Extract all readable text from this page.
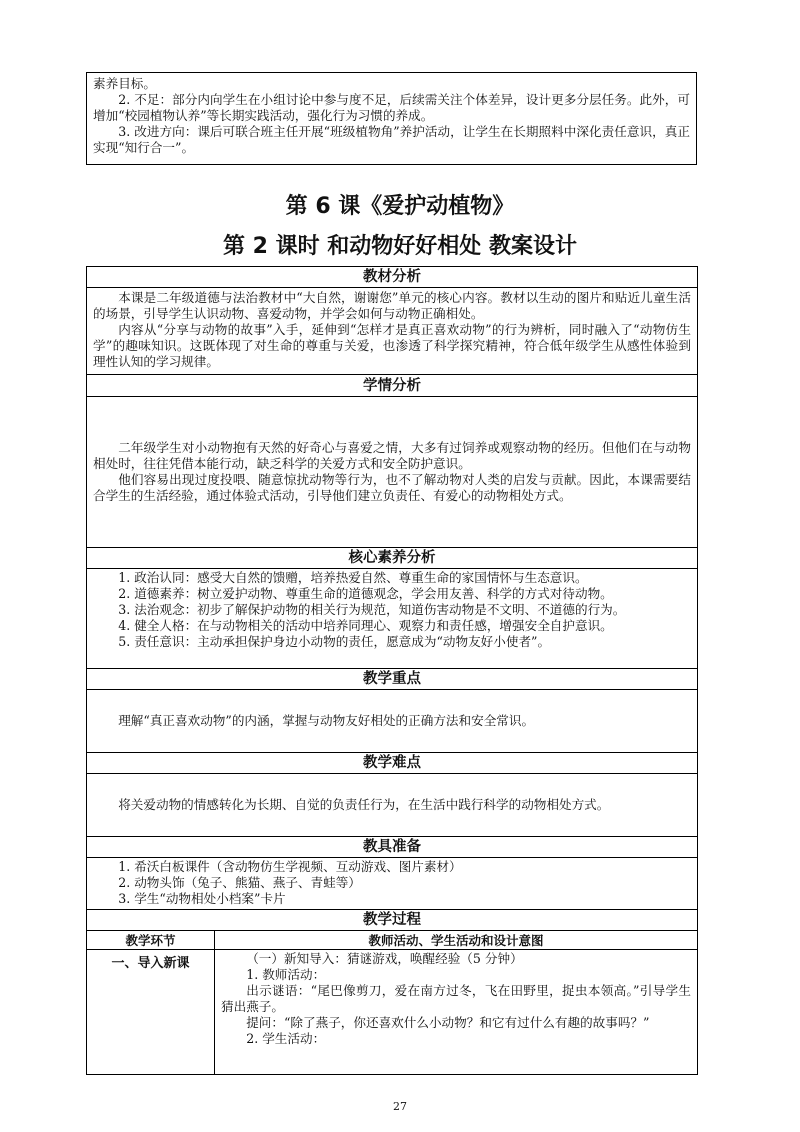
素养目标。

2. 不足：部分内向学生在小组讨论中参与度不足，后续需关注个体差异，设计更多分层任务。此外，可增加“校园植物认养”等长期实践活动，强化行为习惯的养成。

3. 改进方向：课后可联合班主任开展“班级植物角”养护活动，让学生在长期照料中深化责任意识，真正实现“知行合一”。

第 6 课《爱护动植物》
第 2 课时 和动物好好相处 教案设计
教材分析	

本课是二年级道德与法治教材中“大自然，谢谢您”单元的核心内容。教材以生动的图片和贴近儿童生活的场景，引导学生认识动物、喜爱动物，并学会如何与动物正确相处。

内容从“分享与动物的故事”入手，延伸到“怎样才是真正喜欢动物”的行为辨析，同时融入了“动物仿生学”的趣味知识。这既体现了对生命的尊重与关爱，也渗透了科学探究精神，符合低年级学生从感性体验到理性认知的学习规律。	

学情分析	

二年级学生对小动物抱有天然的好奇心与喜爱之情，大多有过饲养或观察动物的经历。但他们在与动物相处时，往往凭借本能行动，缺乏科学的关爱方式和安全防护意识。

他们容易出现过度投喂、随意惊扰动物等行为，也不了解动物对人类的启发与贡献。因此，本课需要结合学生的生活经验，通过体验式活动，引导他们建立负责任、有爱心的动物相处方式。	

核心素养分析	

1. 政治认同：感受大自然的馈赠，培养热爱自然、尊重生命的家国情怀与生态意识。

2. 道德素养：树立爱护动物、尊重生命的道德观念，学会用友善、科学的方式对待动物。

3. 法治观念：初步了解保护动物的相关行为规范，知道伤害动物是不文明、不道德的行为。

4. 健全人格：在与动物相关的活动中培养同理心、观察力和责任感，增强安全自护意识。

5. 责任意识：主动承担保护身边小动物的责任，愿意成为“动物友好小使者”。	

教学重点	

理解“真正喜欢动物”的内涵，掌握与动物友好相处的正确方法和安全常识。	

教学难点	

将关爱动物的情感转化为长期、自觉的负责任行为，在生活中践行科学的动物相处方式。	

教具准备	

1. 希沃白板课件（含动物仿生学视频、互动游戏、图片素材）

2. 动物头饰（兔子、熊猫、燕子、青蛙等）

3. 学生“动物相处小档案”卡片	

教学过程	
教学环节	教师活动、学生活动和设计意图
一、导入新课	（一）新知导入：猜谜游戏，唤醒经验（5 分钟）

1. 教师活动：

出示谜语：“尾巴像剪刀，爱在南方过冬，飞在田野里，捉虫本领高。”引导学生猜出燕子。

提问：“除了燕子，你还喜欢什么小动物？和它有过什么有趣的故事吗？”

2. 学生活动：

27
